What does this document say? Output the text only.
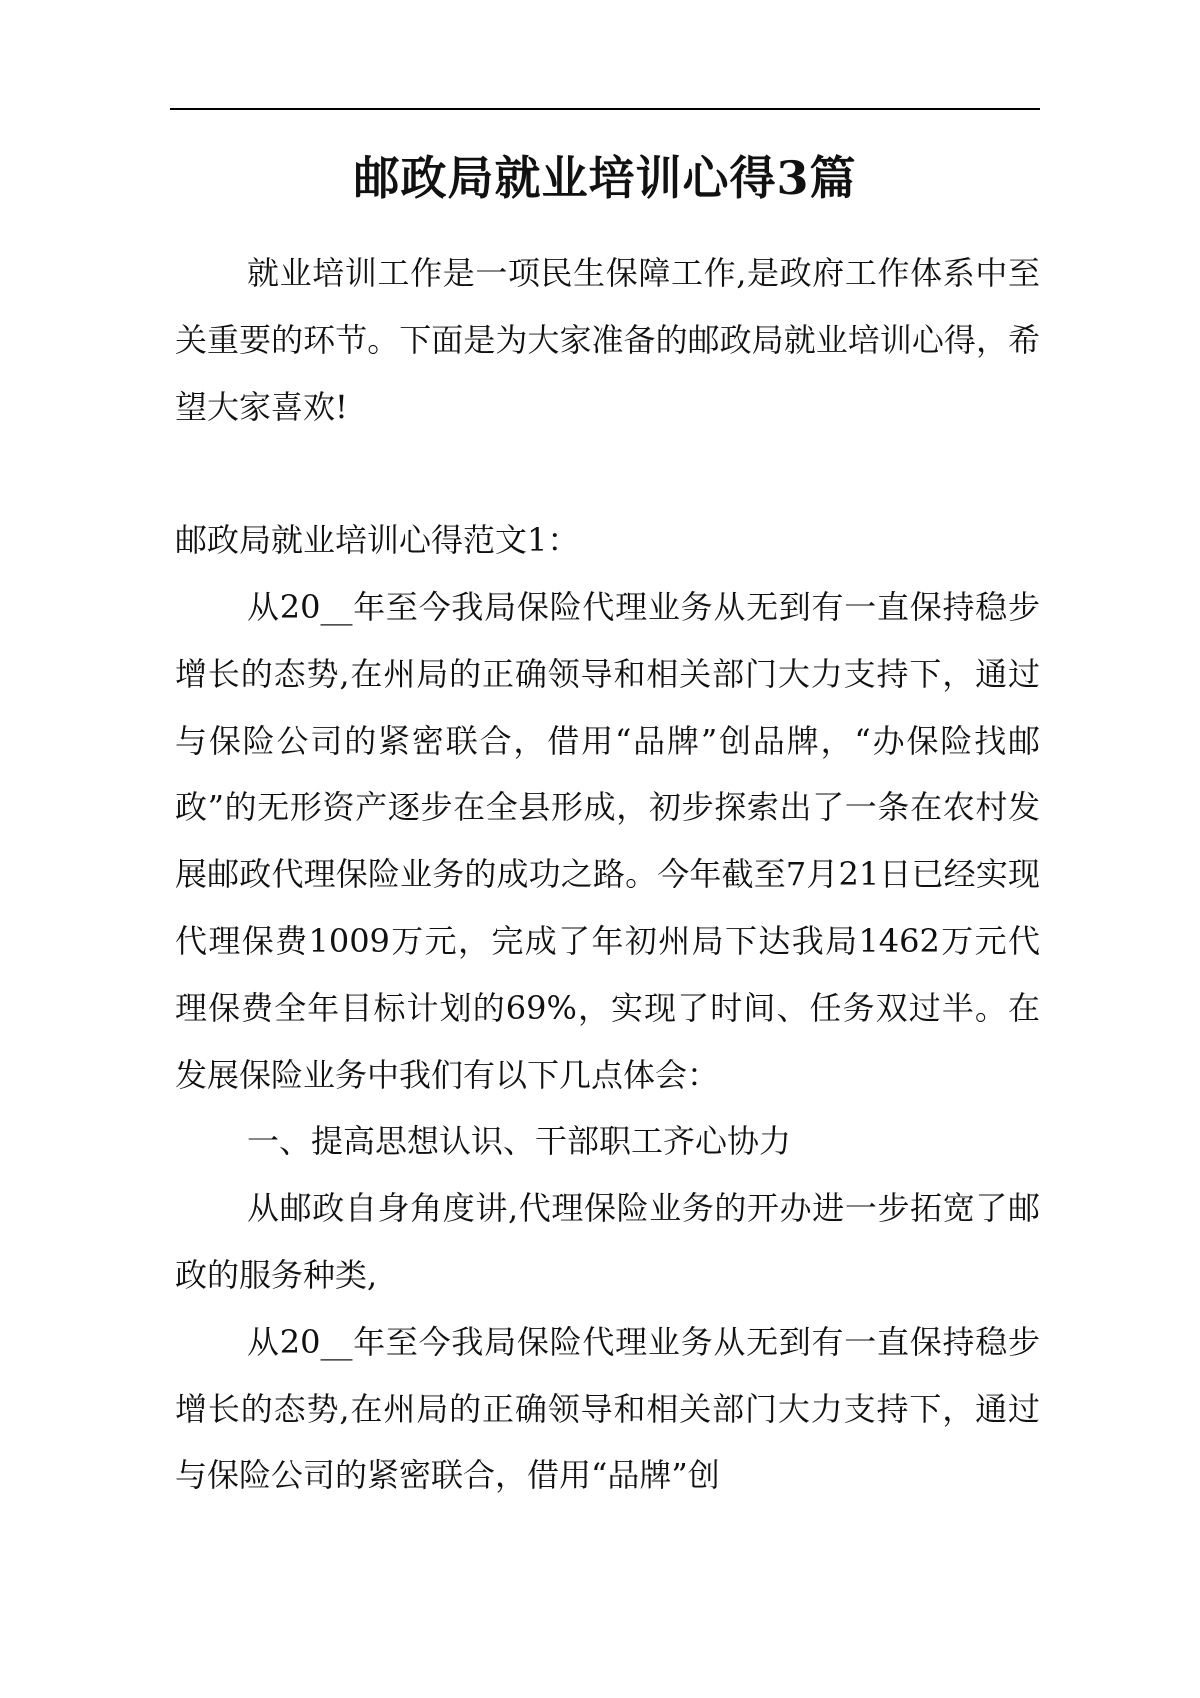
邮政局就业培训心得3篇

就业培训工作是一项民生保障工作,是政府工作体系中至关重要的环节。下面是为大家准备的邮政局就业培训心得，希望大家喜欢!

邮政局就业培训心得范文1：

从20__年至今我局保险代理业务从无到有一直保持稳步增长的态势,在州局的正确领导和相关部门大力支持下，通过与保险公司的紧密联合，借用“品牌”创品牌，“办保险找邮政”的无形资产逐步在全县形成，初步探索出了一条在农村发展邮政代理保险业务的成功之路。今年截至7月21日已经实现代理保费1009万元，完成了年初州局下达我局1462万元代理保费全年目标计划的69%，实现了时间、任务双过半。在发展保险业务中我们有以下几点体会：

一、提高思想认识、干部职工齐心协力

从邮政自身角度讲,代理保险业务的开办进一步拓宽了邮政的服务种类,

从20__年至今我局保险代理业务从无到有一直保持稳步增长的态势,在州局的正确领导和相关部门大力支持下，通过与保险公司的紧密联合，借用“品牌”创
